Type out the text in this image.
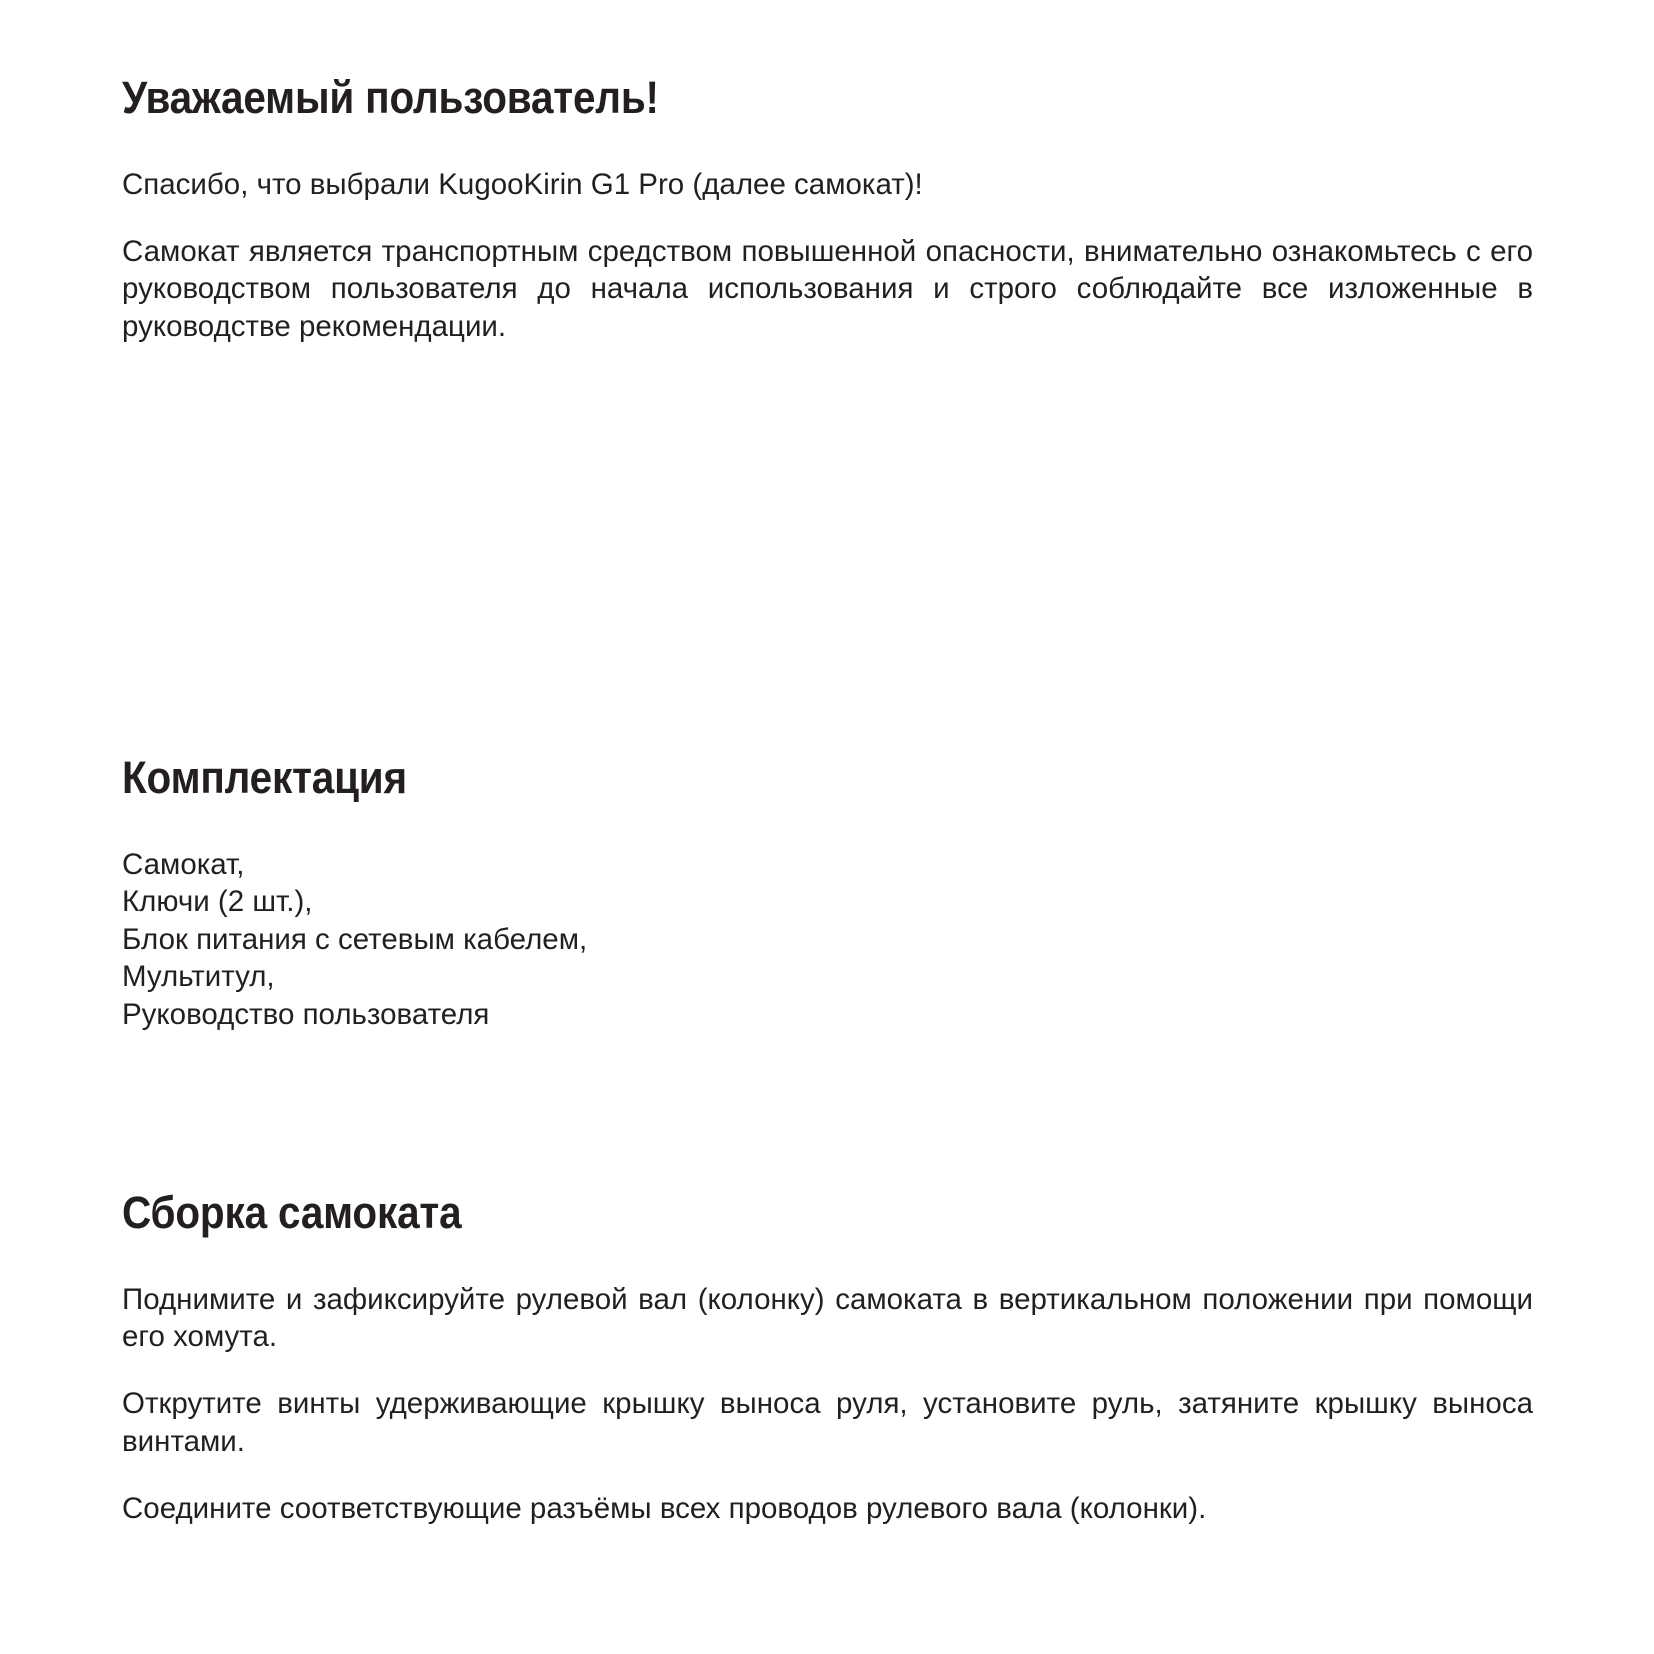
Уважаемый пользователь!

Спасибо, что выбрали KugooKirin G1 Pro (далее самокат)!

Самокат является транспортным средством повышенной опасности, внимательно ознакомьтесь с его руководством пользователя до начала использования и строго соблюдайте все изложенные в руководстве рекомендации.

Комплектация
Самокат,
Ключи (2 шт.),
Блок питания с сетевым кабелем,
Мультитул,
Руководство пользователя
Сборка самоката

Поднимите и зафиксируйте рулевой вал (колонку) самоката в вертикальном положении при помощи его хомута.

Открутите винты удерживающие крышку выноса руля, установите руль, затяните крышку выноса винтами.

Соедините соответствующие разъёмы всех проводов рулевого вала (колонки).
